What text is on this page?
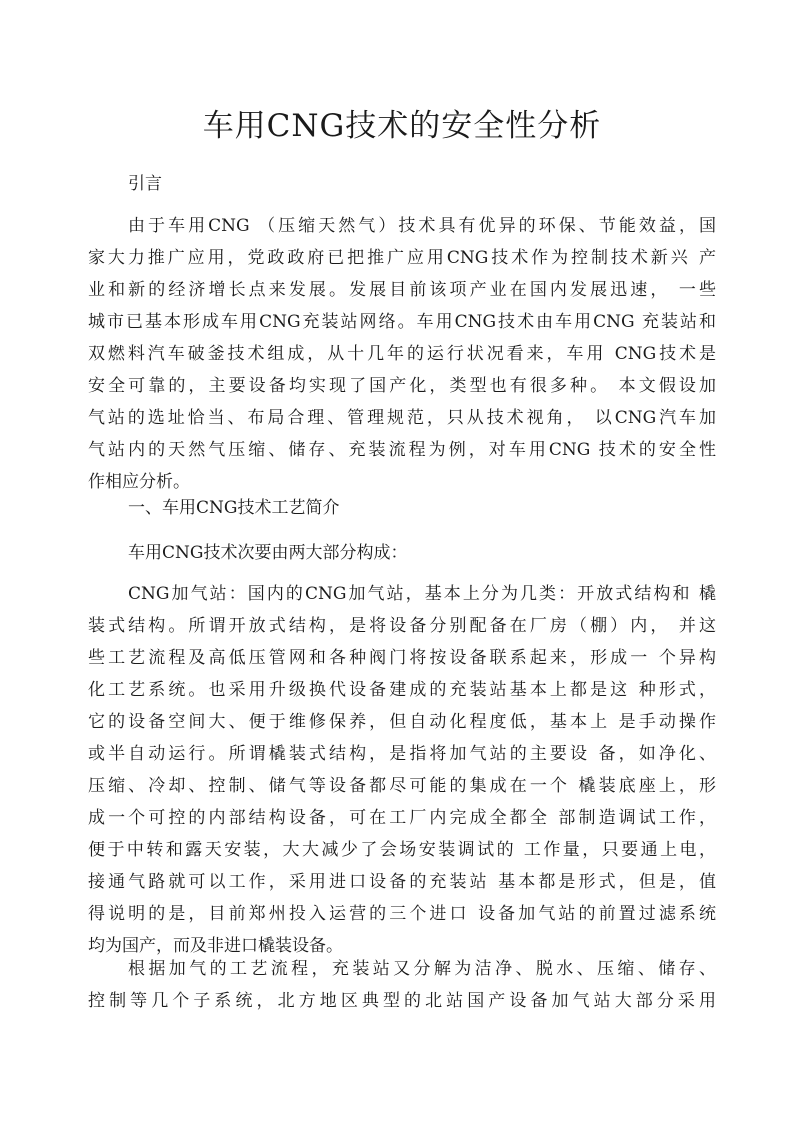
车用CNG技术的安全性分析
引言
由于车用CNG （压缩天然气）技术具有优异的环保、节能效益，国
家大力推广应用，党政政府已把推广应用CNG技术作为控制技术新兴 产
业和新的经济增长点来发展。发展目前该项产业在国内发展迅速， 一些
城市已基本形成车用CNG充装站网络。车用CNG技术由车用CNG 充装站和
双燃料汽车破釜技术组成，从十几年的运行状况看来，车用 CNG技术是
安全可靠的，主要设备均实现了国产化，类型也有很多种。 本文假设加
气站的选址恰当、布局合理、管理规范，只从技术视角， 以CNG汽车加
气站内的天然气压缩、储存、充装流程为例，对车用CNG 技术的安全性
作相应分析。
一、车用CNG技术工艺简介
车用CNG技术次要由两大部分构成：
CNG加气站：国内的CNG加气站，基本上分为几类：开放式结构和 橇
装式结构。所谓开放式结构，是将设备分别配备在厂房（棚）内， 并这
些工艺流程及高低压管网和各种阀门将按设备联系起来，形成一 个异构
化工艺系统。也采用升级换代设备建成的充装站基本上都是这 种形式，
它的设备空间大、便于维修保养，但自动化程度低，基本上 是手动操作
或半自动运行。所谓橇装式结构，是指将加气站的主要设 备，如净化、
压缩、冷却、控制、储气等设备都尽可能的集成在一个 橇装底座上，形
成一个可控的内部结构设备，可在工厂内完成全都全 部制造调试工作，
便于中转和露天安装，大大减少了会场安装调试的 工作量，只要通上电，
接通气路就可以工作，采用进口设备的充装站 基本都是形式，但是，值
得说明的是，目前郑州投入运营的三个进口 设备加气站的前置过滤系统
均为国产，而及非进口橇装设备。
根据加气的工艺流程，充装站又分解为洁净、脱水、压缩、储存、
控制等几个子系统，北方地区典型的北站国产设备加气站大部分采用
